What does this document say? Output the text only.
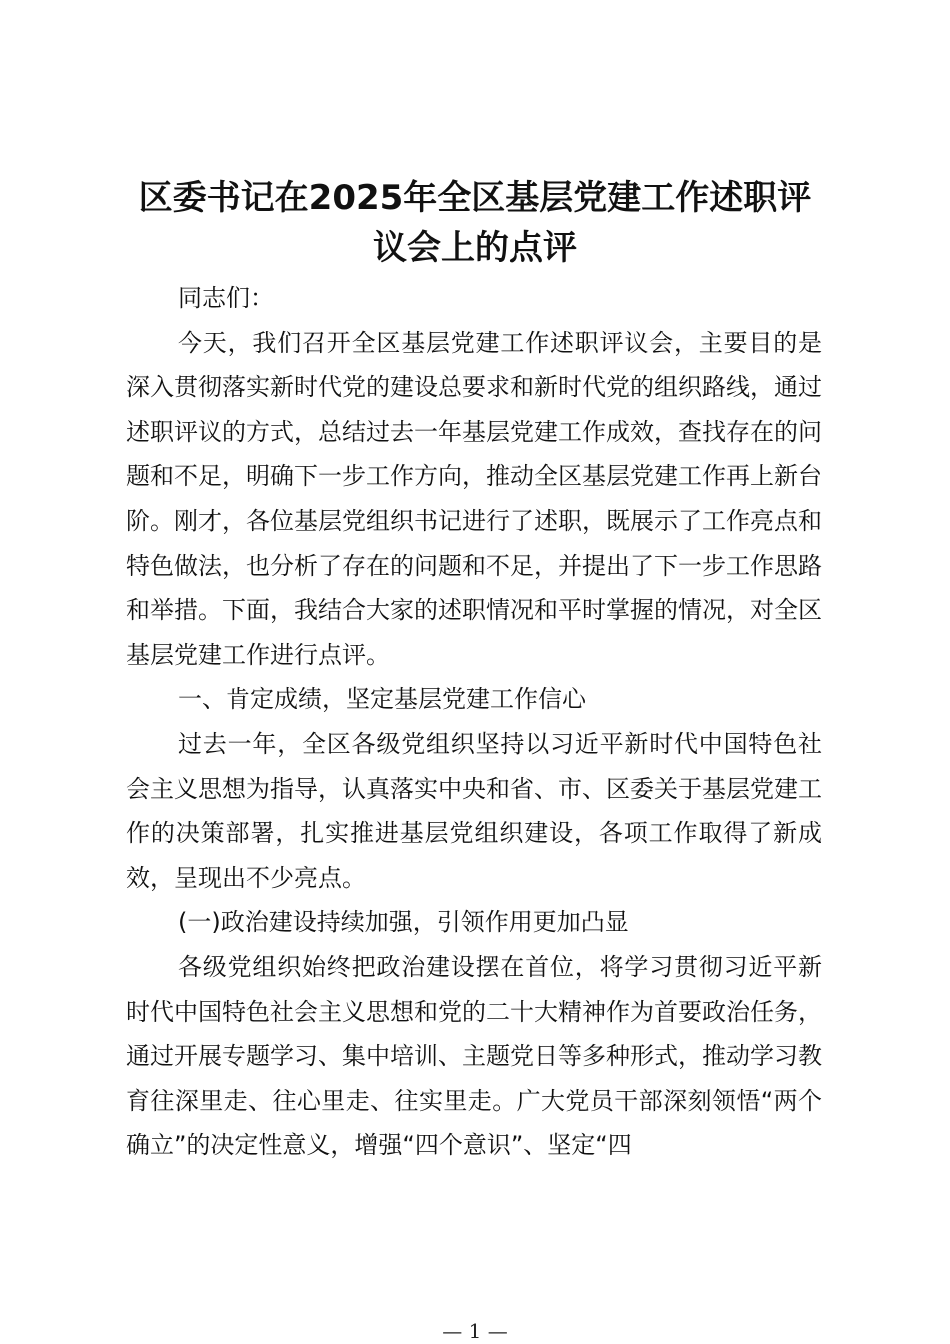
区委书记在2025年全区基层党建工作述职评
议会上的点评

同志们：

今天，我们召开全区基层党建工作述职评议会，主要目的是深入贯彻落实新时代党的建设总要求和新时代党的组织路线，通过述职评议的方式，总结过去一年基层党建工作成效，查找存在的问题和不足，明确下一步工作方向，推动全区基层党建工作再上新台阶。刚才，各位基层党组织书记进行了述职，既展示了工作亮点和特色做法，也分析了存在的问题和不足，并提出了下一步工作思路和举措。下面，我结合大家的述职情况和平时掌握的情况，对全区基层党建工作进行点评。

一、肯定成绩，坚定基层党建工作信心

过去一年，全区各级党组织坚持以习近平新时代中国特色社会主义思想为指导，认真落实中央和省、市、区委关于基层党建工作的决策部署，扎实推进基层党组织建设，各项工作取得了新成效，呈现出不少亮点。

(一)政治建设持续加强，引领作用更加凸显

各级党组织始终把政治建设摆在首位，将学习贯彻习近平新时代中国特色社会主义思想和党的二十大精神作为首要政治任务，通过开展专题学习、集中培训、主题党日等多种形式，推动学习教育往深里走、往心里走、往实里走。广大党员干部深刻领悟“两个确立”的决定性意义，增强“四个意识”、坚定“四

— 1 —
